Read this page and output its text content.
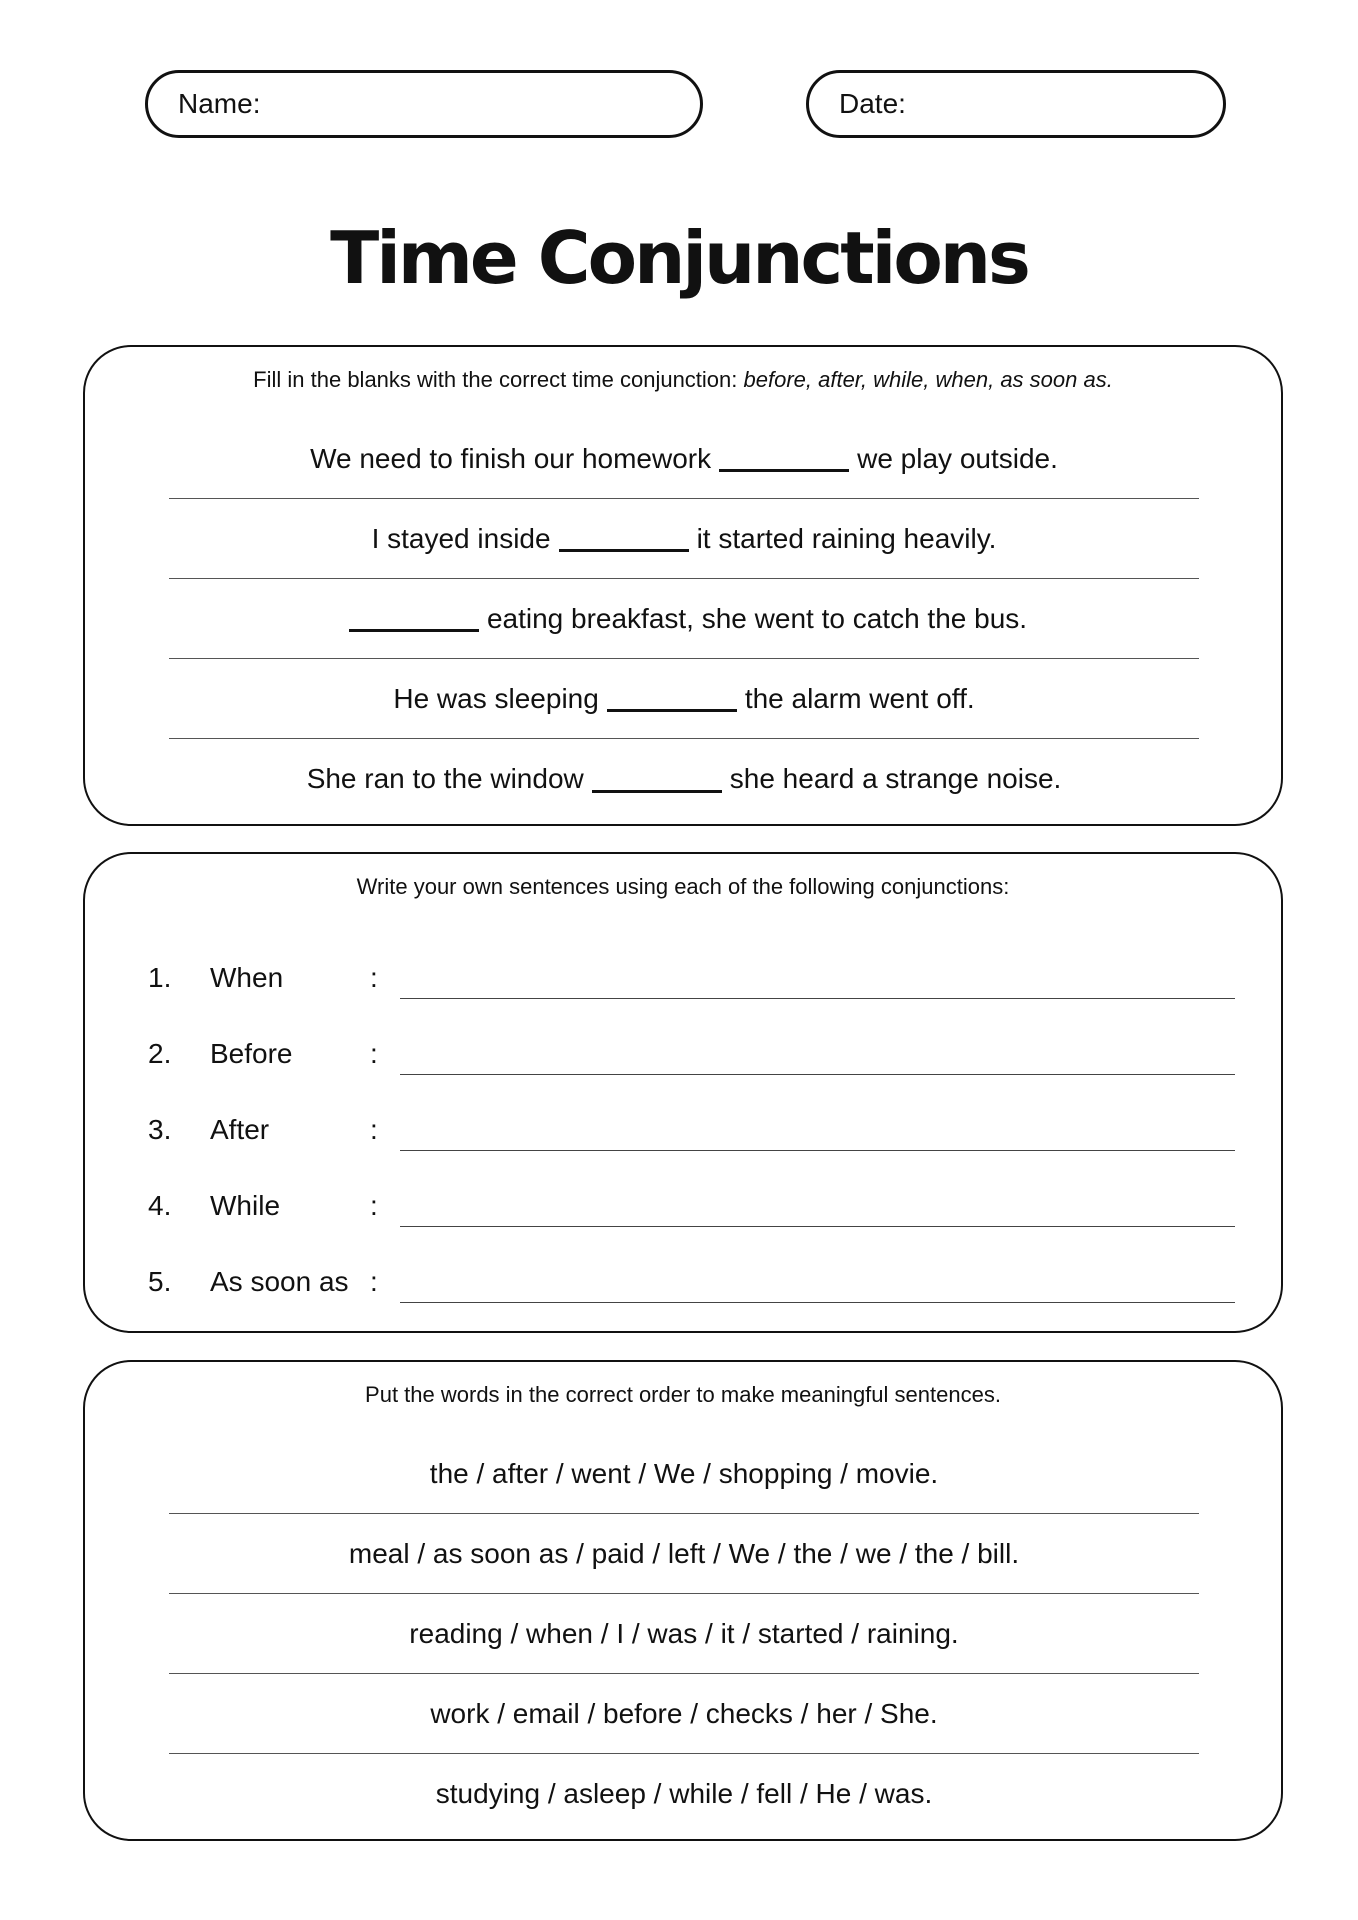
Name:	Date:
Time Conjunctions
Fill in the blanks with the correct time conjunction: before, after, while, when, as soon as.
We need to finish our homework	we play outside.
I stayed inside	it started raining heavily.
eating breakfast, she went to catch the bus.
He was sleeping	the alarm went off.
She ran to the window	she heard a strange noise.
Write your own sentences using each of the following conjunctions:
1. When	:
2. Before	:
3. After	:
4. While	:
5. As soon as :
Put the words in the correct order to make meaningful sentences.
the / after / went / We / shopping / movie.
meal / as soon as / paid / left / We / the / we / the / bill.
reading / when / I / was / it / started / raining.
work / email / before / checks / her / She.
studying / asleep / while / fell / He / was.
